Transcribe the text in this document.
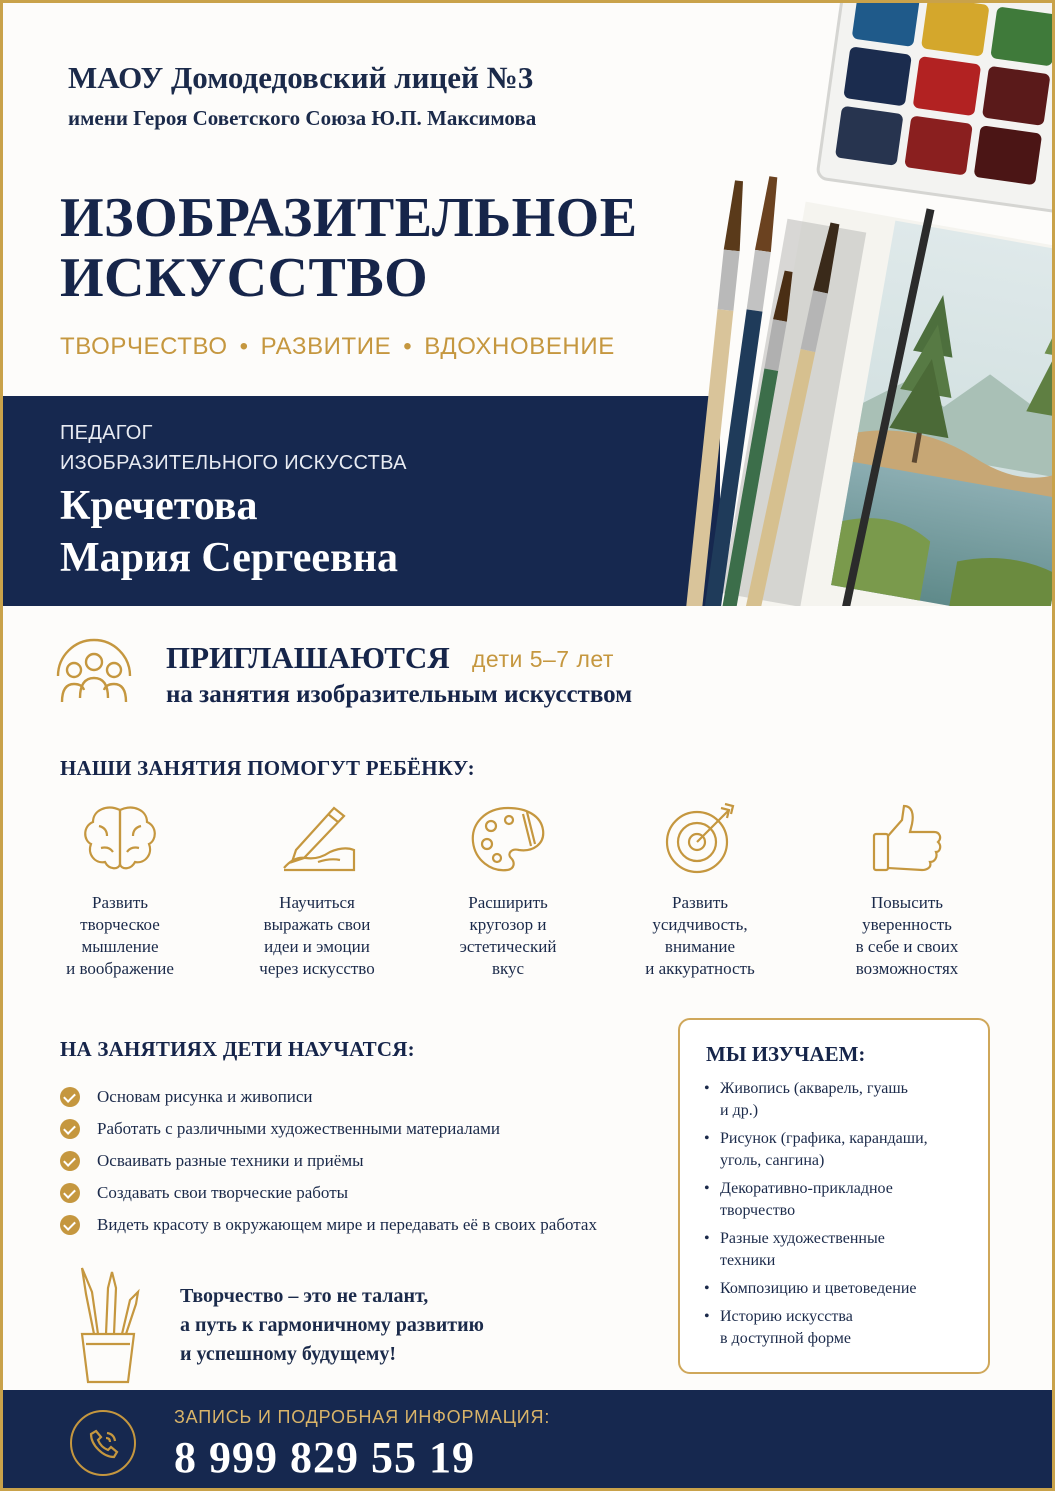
МАОУ Домодедовский лицей №3
имени Героя Советского Союза Ю.П. Максимова
ИЗОБРАЗИТЕЛЬНОЕ
ИСКУССТВО
ТВОРЧЕСТВО • РАЗВИТИЕ • ВДОХНОВЕНИЕ
ПЕДАГОГ
ИЗОБРАЗИТЕЛЬНОГО ИСКУССТВА
Кречетова
Мария Сергеевна
ПРИГЛАШАЮТСЯ дети 5–7 лет
на занятия изобразительным искусством
НАШИ ЗАНЯТИЯ ПОМОГУТ РЕБЁНКУ:
Развить
творческое
мышление
и воображение
Научиться
выражать свои
идеи и эмоции
через искусство
Расширить
кругозор и
эстетический
вкус
Развить
усидчивость,
внимание
и аккуратность
Повысить
уверенность
в себе и своих
возможностях
НА ЗАНЯТИЯХ ДЕТИ НАУЧАТСЯ:
Основам рисунка и живописи
Работать с различными художественными материалами
Осваивать разные техники и приёмы
Создавать свои творческие работы
Видеть красоту в окружающем мире и передавать её в своих работах
МЫ ИЗУЧАЕМ:
• Живопись (акварель, гуашь
и др.)
• Рисунок (графика, карандаши,
уголь, сангина)
• Декоративно-прикладное
творчество
• Разные художественные
техники
• Композицию и цветоведение
• Историю искусства
в доступной форме
Творчество – это не талант,
а путь к гармоничному развитию
и успешному будущему!
ЗАПИСЬ И ПОДРОБНАЯ ИНФОРМАЦИЯ:
8 999 829 55 19
